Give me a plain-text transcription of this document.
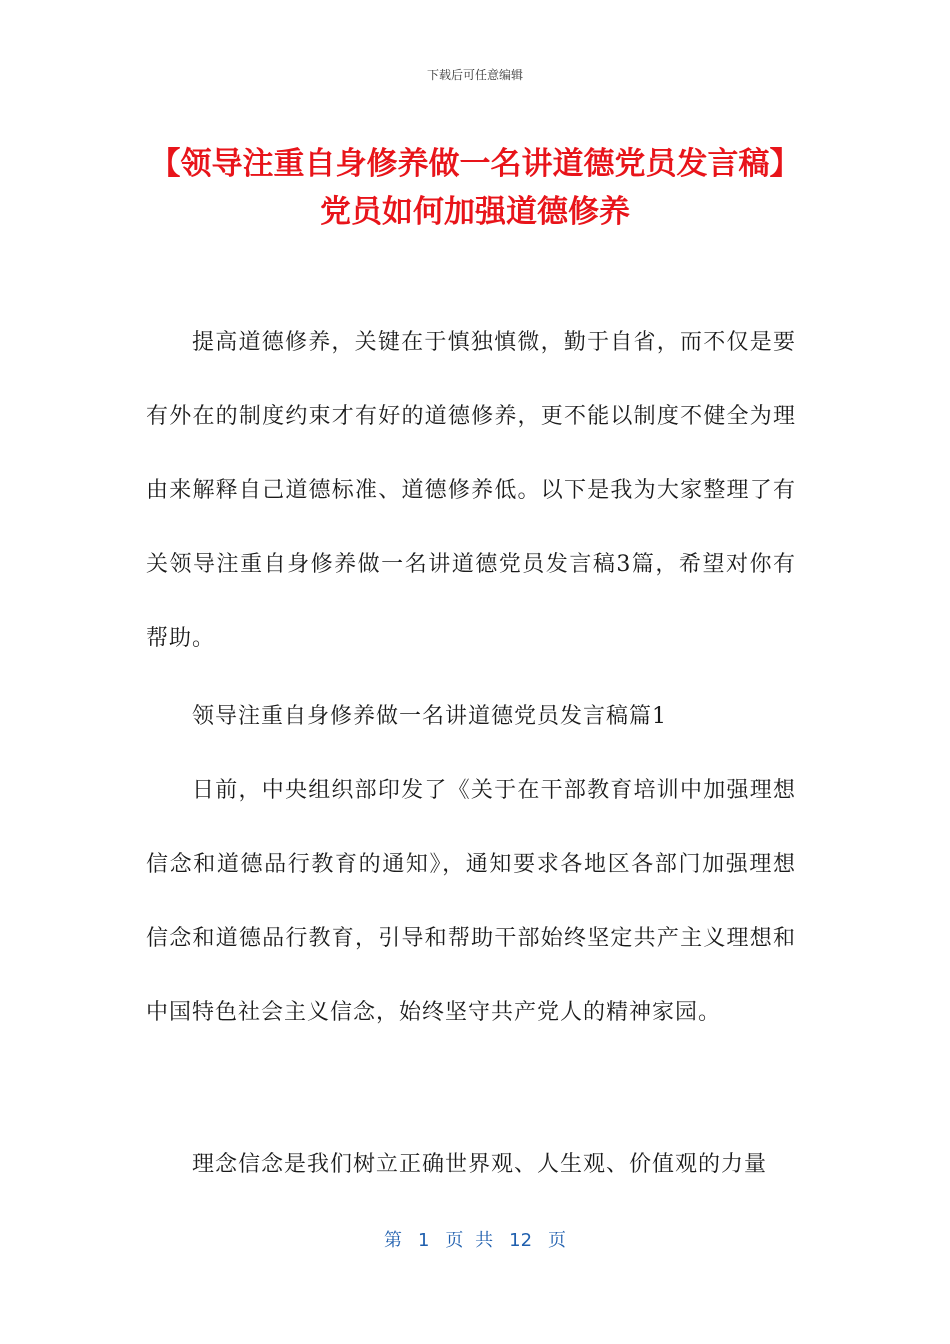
下载后可任意编辑
【领导注重自身修养做一名讲道德党员发言稿】党员如何加强道德修养

提高道德修养，关键在于慎独慎微，勤于自省，而不仅是要有外在的制度约束才有好的道德修养，更不能以制度不健全为理由来解释自己道德标准、道德修养低。以下是我为大家整理了有关领导注重自身修养做一名讲道德党员发言稿3篇，希望对你有帮助。

领导注重自身修养做一名讲道德党员发言稿篇1

日前，中央组织部印发了《关于在干部教育培训中加强理想信念和道德品行教育的通知》，通知要求各地区各部门加强理想信念和道德品行教育，引导和帮助干部始终坚定共产主义理想和中国特色社会主义信念，始终坚守共产党人的精神家园。

理念信念是我们树立正确世界观、人生观、价值观的力量

第 1 页 共 12 页
